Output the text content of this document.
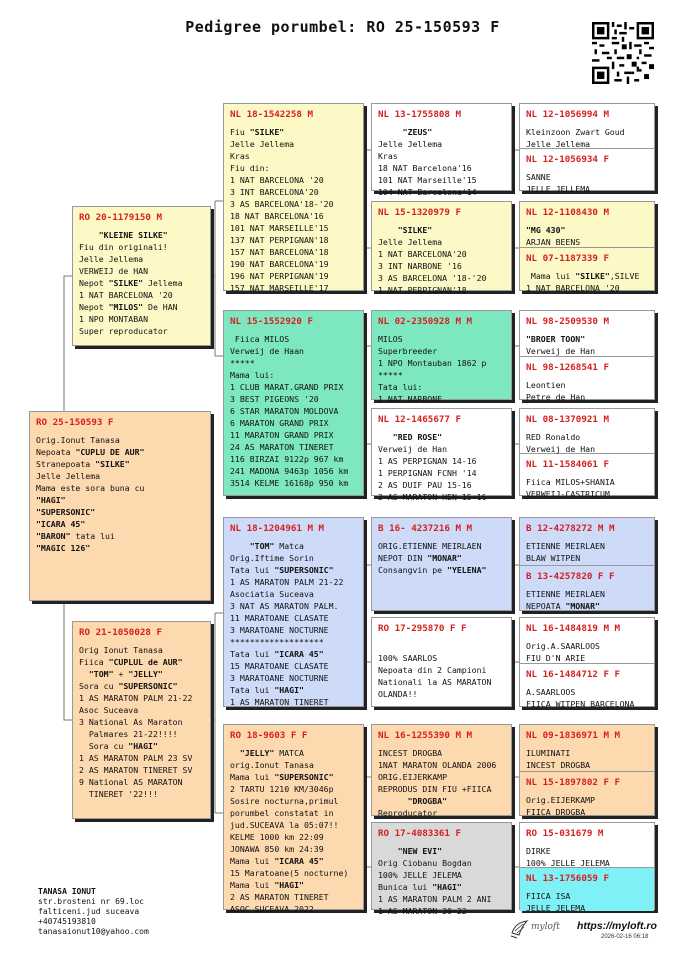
Pedigree porumbel: RO 25-150593 F
RO 25-150593 F
Orig.Ionut Tanasa
Nepoata "CUPLU DE AUR"
Stranepoata "SILKE"
Jelle Jellema
Mama este sora buna cu
"HAGI"
"SUPERSONIC"
"ICARA 45"
"BARON" tata lui
"MAGIC 126"
RO 20-1179150 M
"KLEINE SILKE"
Fiu din originali!
Jelle Jellema
VERWEIJ de HAN
Nepot "SILKE" Jellema
1 NAT BARCELONA '20
Nepot "MILOS" De HAN
1 NPO MONTABAN
Super reproducator
RO 21-1050028 F
Orig Ionut Tanasa
Fiica "CUPLUL de AUR"
"TOM" + "JELLY"
Sora cu "SUPERSONIC"
1 AS MARATON PALM 21-22
Asoc Suceava
3 National As Maraton
Palmares 21-22!!!!
Sora cu "HAGI"
1 AS MARATON PALM 23 SV
2 AS MARATON TINERET SV
9 National AS MARATON
TINERET '22!!!
NL 18-1542258 M
Fiu "SILKE"
Jelle Jellema
Kras
Fiu din:
1 NAT BARCELONA '20
3 INT BARCELONA'20
3 AS BARCELONA'18-'20
18 NAT BARCELONA'16
101 NAT MARSEILLE'15
137 NAT PERPIGNAN'18
157 NAT BARCELONA'18
190 NAT BARCELONA'19
196 NAT PERPIGNAN'19
157 NAT MARSEILLE'17
NL 15-1552920 F
Fiica MILOS
Verweij de Haan
*****
Mama lui:
1 CLUB MARAT.GRAND PRIX
3 BEST PIGEONS '20
6 STAR MARATON MOLDOVA
6 MARATON GRAND PRIX
11 MARATON GRAND PRIX
24 AS MARATON TINERET
116 BIRZAI 9122p 967 km
241 MADONA 9463p 1056 km
3514 KELME 16168p 950 km
NL 18-1204961 M M
"TOM" Matca
Orig.Iftime Sorin
Tata lui "SUPERSONIC"
1 AS MARATON PALM 21-22
Asociatia Suceava
3 NAT AS MARATON PALM.
11 MARATOANE CLASATE
3 MARATOANE NOCTURNE
*******************
Tata lui "ICARA 45"
15 MARATOANE CLASATE
3 MARATOANE NOCTURNE
Tata lui "HAGI"
1 AS MARATON TINERET
RO 18-9603 F F
"JELLY" MATCA
orig.Ionut Tanasa
Mama lui "SUPERSONIC"
2 TARTU 1210 KM/3046p
Sosire nocturna,primul
porumbel constatat in
jud.SUCEAVA la 05:07!!
KELME 1000 km 22:09
JONAWA 850 km 24:39
Mama lui "ICARA 45"
15 Maratoane(5 nocturne)
Mama lui "HAGI"
2 AS MARATON TINERET
ASOC SUCEAVA 2022
NL 13-1755808 M
"ZEUS"
Jelle Jellema
Kras
18 NAT Barcelona'16
101 NAT Marseille'15
104 NAT Barcelona'14
NL 15-1320979 F
"SILKE"
Jelle Jellema
1 NAT BARCELONA'20
3 INT NARBONE '16
3 AS BARCELONA '18-'20
1 NAT PERPIGNAN'18
NL 02-2350928 M M
MILOS
Superbreeder
1 NPO Montauban 1862 p
*****
Tata lui:
1 NAT NARBONE
NL 12-1465677 F
"RED ROSE"
Verweij de Han
1 AS PERPIGNAN 14-16
1 PERPIGNAN FCNH '14
2 AS DUIF PAU 15-16
2 AS MARATON HEN 15-16
B 16- 4237216 M M
ORIG.ETIENNE MEIRLAEN
NEPOT DIN "MONAR"
Consangvin pe "YELENA"
RO 17-295870 F F

100% SAARLOS
Nepoata din 2 Campioni
Nationali la AS MARATON
OLANDA!!
NL 16-1255390 M M
INCEST DROGBA
1NAT MARATON OLANDA 2006
ORIG.EIJERKAMP
REPRODUS DIN FIU +FIICA
"DROGBA"
Reproducator
RO 17-4083361 F
"NEW EVI"
Orig Ciobanu Bogdan
100% JELLE JELEMA
Bunica lui "HAGI"
1 AS MARATON PALM 2 ANI
1 AS MARATON 20-22
NL 12-1056994 M
Kleinzoon Zwart Goud
Jelle Jellema
NL 12-1056934 F
SANNE
JELLE JELLEMA
NL 12-1108430 M
"MG 430"
ARJAN BEENS
NL 07-1187339 F
Mama lui "SILKE",SILVE
1 NAT BARCELONA '20
NL 98-2509530 M
"BROER TOON"
Verweij de Han
NL 98-1268541 F
Leontien
Petre de Han
NL 08-1370921 M
RED Ronaldo
Verweij de Han
NL 11-1584061 F
Fiica MILOS+SHANIA
VERWEIJ-CASTRICUM
B 12-4278272 M M
ETIENNE MEIRLAEN
BLAW WITPEN
B 13-4257820 F F
ETIENNE MEIRLAEN
NEPOATA "MONAR"
NL 16-1484819 M M
Orig.A.SAARLOOS
FIU D'N ARIE
NL 16-1484712 F F
A.SAARLOOS
FIICA WITPEN BARCELONA
NL 09-1836971 M M
ILUMINATI
INCEST DROGBA
NL 15-1897802 F F
Orig.EIJERKAMP
FIICA DROGBA
RO 15-031679 M
DIRKE
100% JELLE JELEMA
NL 13-1756059 F
FIICA ISA
JELLE JELEMA
TANASA IONUT
str.brosteni nr 69.loc
falticeni.jud suceava
+40745193810
tanasaionut10@yahoo.com	myloft https://myloft.ro
2026-02-16 06:18
